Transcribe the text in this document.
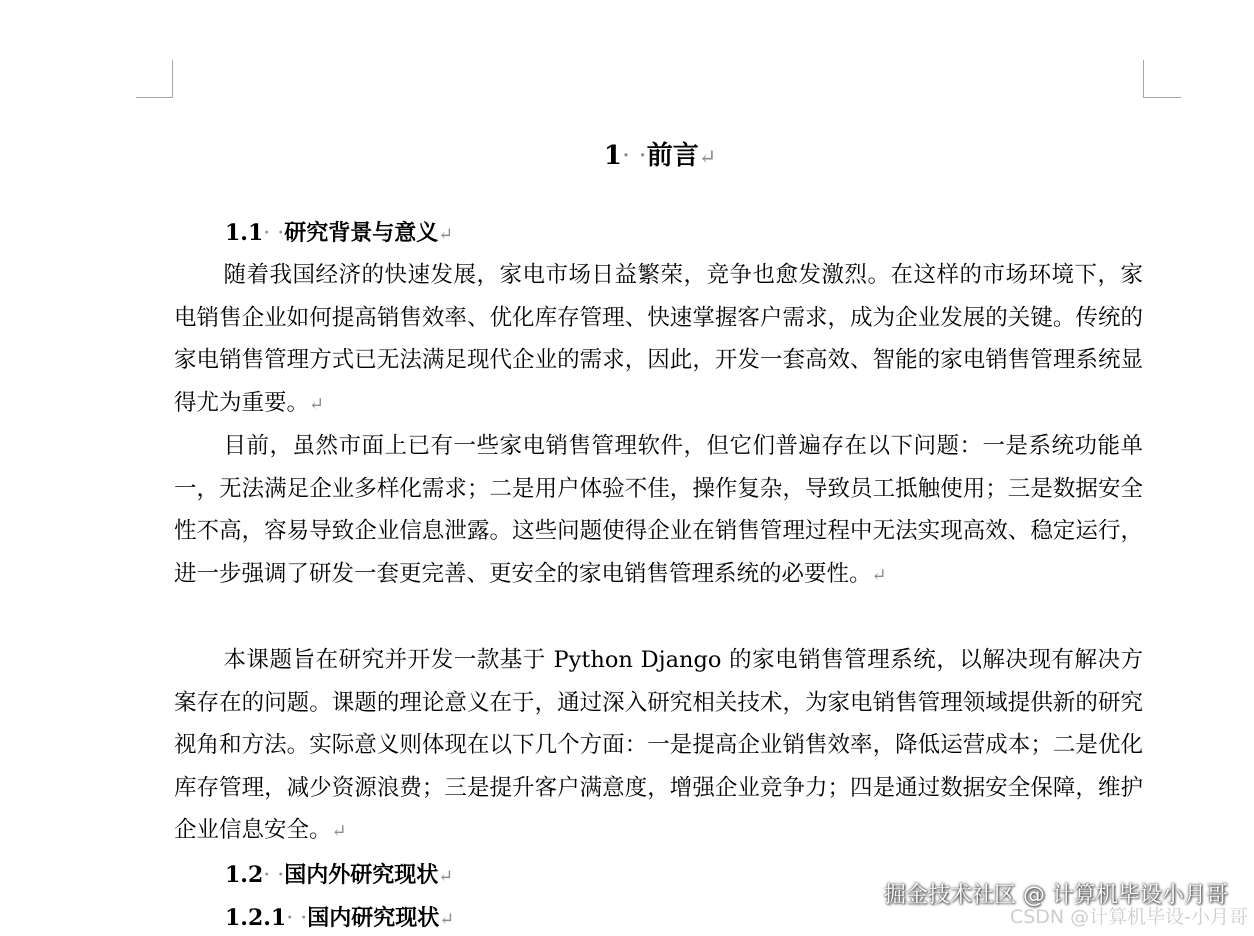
1· ·前言↵
1.1· ·研究背景与意义↵

随着我国经济的快速发展，家电市场日益繁荣，竞争也愈发激烈。在这样的市场环境下，家电销售企业如何提高销售效率、优化库存管理、快速掌握客户需求，成为企业发展的关键。传统的家电销售管理方式已无法满足现代企业的需求，因此，开发一套高效、智能的家电销售管理系统显得尤为重要。↵

目前，虽然市面上已有一些家电销售管理软件，但它们普遍存在以下问题：一是系统功能单一，无法满足企业多样化需求；二是用户体验不佳，操作复杂，导致员工抵触使用；三是数据安全性不高，容易导致企业信息泄露。这些问题使得企业在销售管理过程中无法实现高效、稳定运行，进一步强调了研发一套更完善、更安全的家电销售管理系统的必要性。↵

本课题旨在研究并开发一款基于 Python Django 的家电销售管理系统，以解决现有解决方案存在的问题。课题的理论意义在于，通过深入研究相关技术，为家电销售管理领域提供新的研究视角和方法。实际意义则体现在以下几个方面：一是提高企业销售效率，降低运营成本；二是优化库存管理，减少资源浪费；三是提升客户满意度，增强企业竞争力；四是通过数据安全保障，维护企业信息安全。↵

1.2· ·国内外研究现状↵
1.2.1· ·国内研究现状↵
掘金技术社区 @ 计算机毕设小月哥
CSDN @计算机毕设-小月哥
